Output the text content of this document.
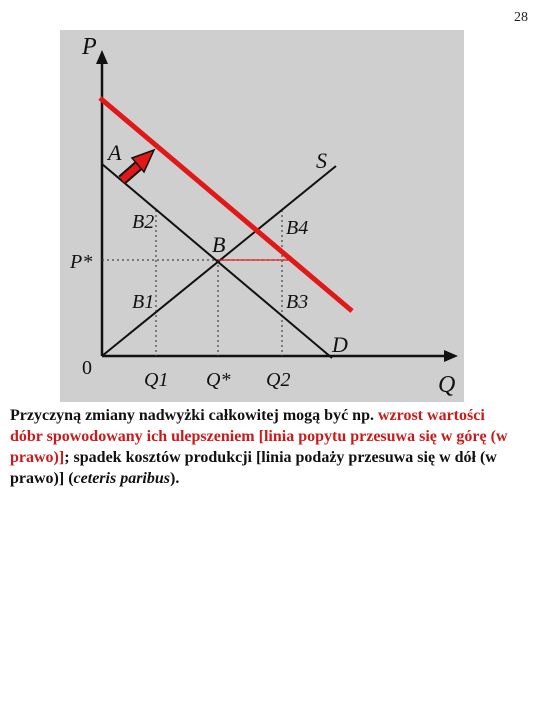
28
P
Q
0
P*
Q1 Q* Q2
S
D
A
B2
B
B4
B1	B3
Przyczyną zmiany nadwyżki całkowitej mogą być np. wzrost wartości dóbr spowodowany ich ulepszeniem [linia popytu przesuwa się w górę (w prawo)]; spadek kosztów produkcji [linia podaży przesuwa się w dół (w prawo)] (ceteris paribus).
